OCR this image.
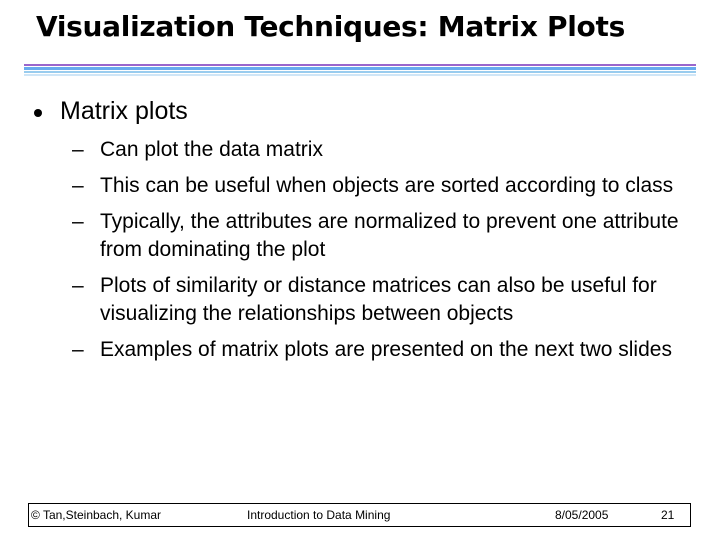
Visualization Techniques: Matrix Plots
Matrix plots
– Can plot the data matrix
– This can be useful when objects are sorted according to class
– Typically, the attributes are normalized to prevent one attribute from dominating the plot
– Plots of similarity or distance matrices can also be useful for visualizing the relationships between objects
– Examples of matrix plots are presented on the next two slides
© Tan,Steinbach, Kumar	Introduction to Data Mining	8/05/2005	21
